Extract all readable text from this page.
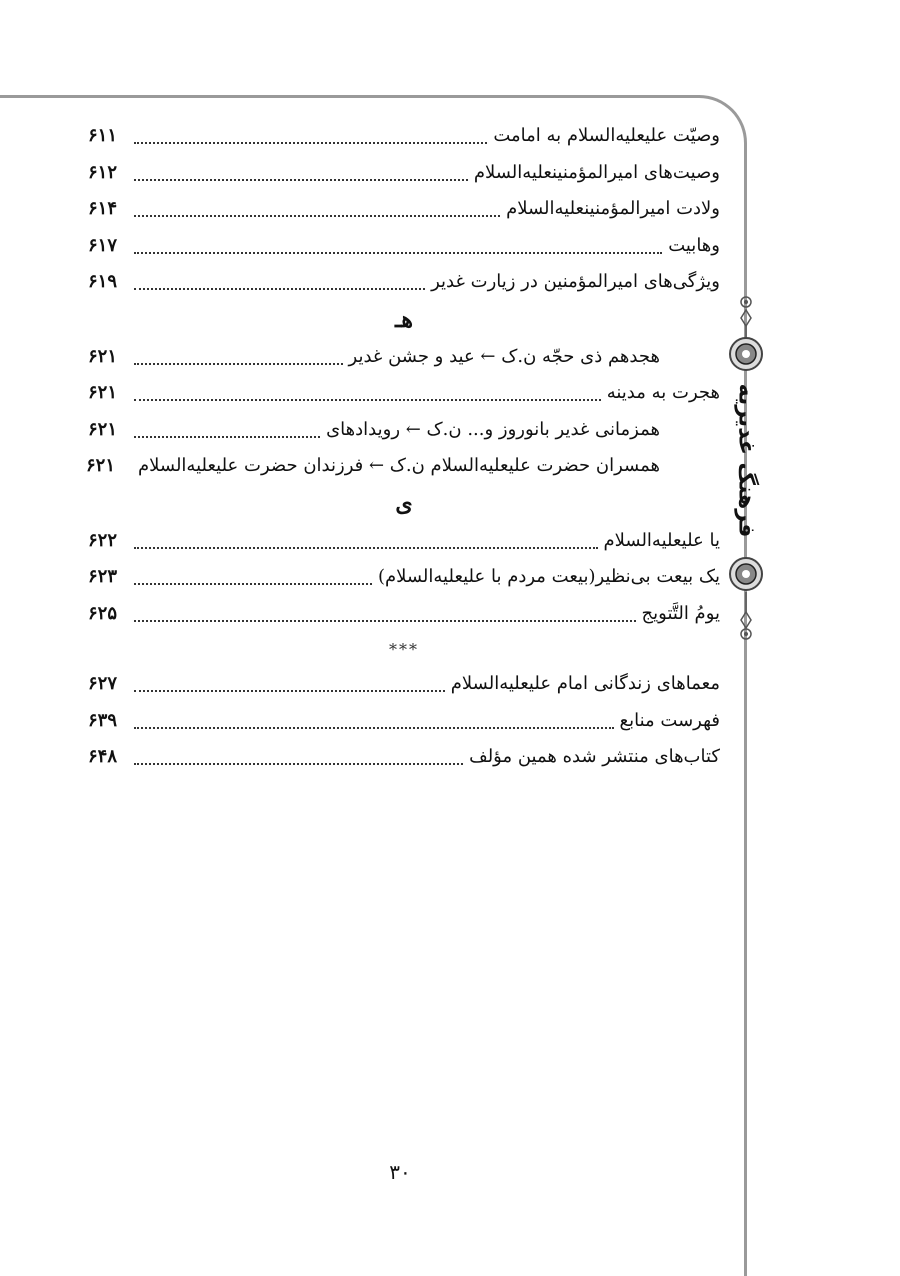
فرهنگ غدیریه
وصیّت علیعلیه‌السلام به امامت
۶۱۱
وصیت‌های امیرالمؤمنینعلیه‌السلام
۶۱۲
ولادت امیرالمؤمنینعلیه‌السلام
۶۱۴
وهابیت
۶۱۷
ویژگی‌های امیرالمؤمنین در زیارت غدیر
۶۱۹
هـ
هجدهم ذی حجّه ن.ک ← عید و جشن غدیر
۶۲۱
هجرت به مدینه
۶۲۱
همزمانی غدیر بانوروز و... ن.ک ← رویدادهای
۶۲۱
همسران حضرت علیعلیه‌السلام ن.ک ← فرزندان حضرت علیعلیه‌السلام
۶۲۱
ی
یا علیعلیه‌السلام
۶۲۲
یک بیعت بی‌نظیر(بیعت مردم با علیعلیه‌السلام)
۶۲۳
یومُ التَّتویج
۶۲۵
***
معماهای زندگانی امام علیعلیه‌السلام
۶۲۷
فهرست منابع
۶۳۹
کتاب‌های منتشر شده همین مؤلف
۶۴۸
۳۰
